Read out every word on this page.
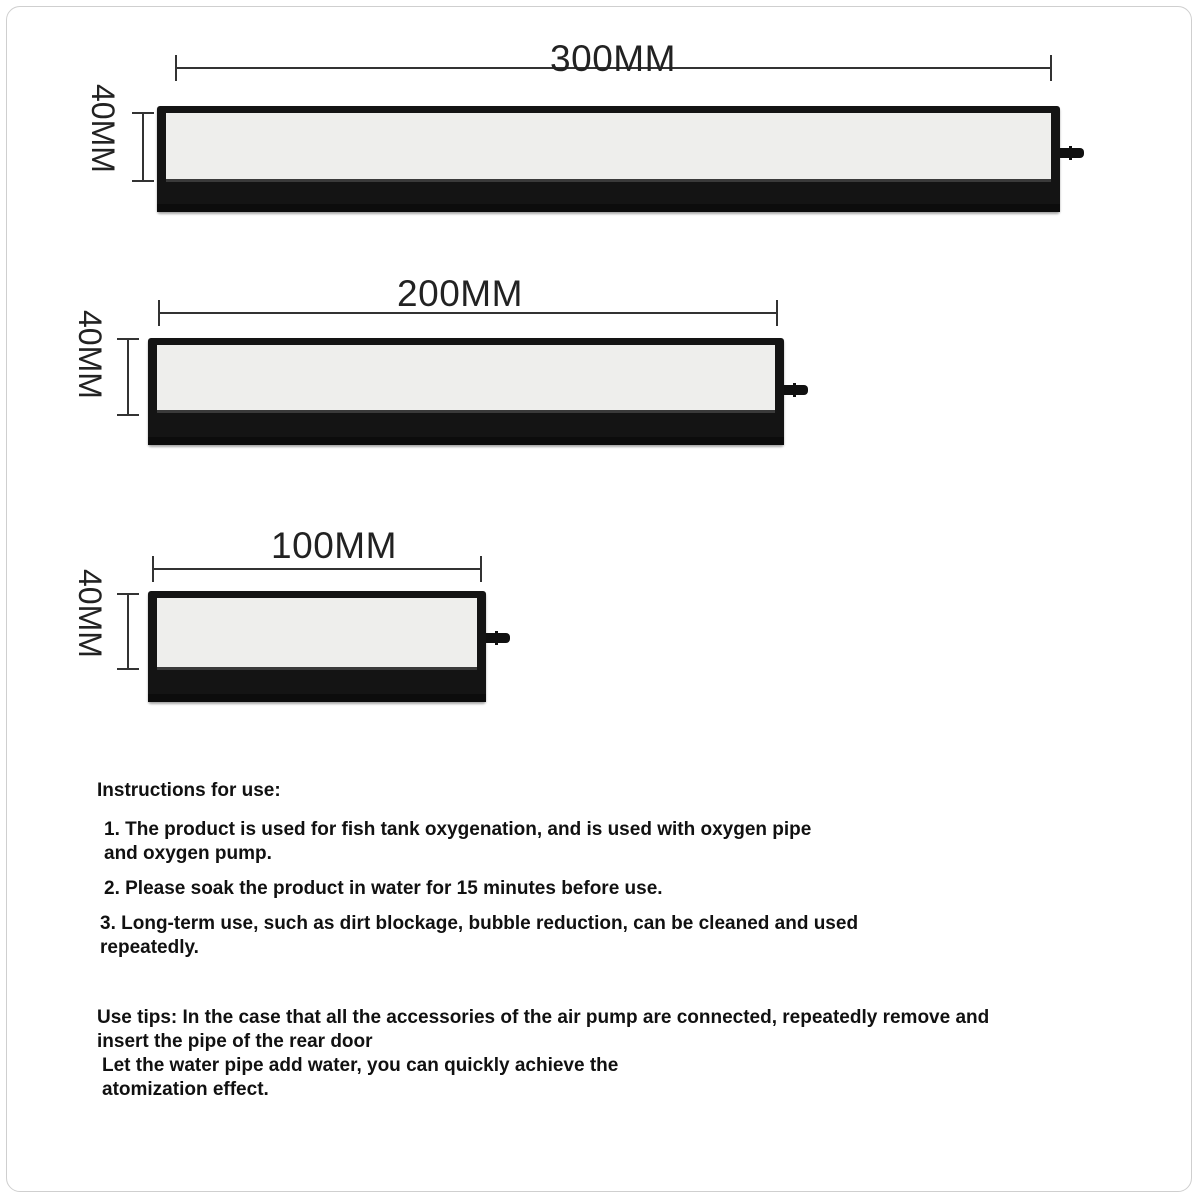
300MM
40MM
200MM
40MM
100MM
40MM
Instructions for use:
1. The product is used for fish tank oxygenation, and is used with oxygen pipe and oxygen pump.
2. Please soak the product in water for 15 minutes before use.
3. Long-term use, such as dirt blockage, bubble reduction, can be cleaned and used repeatedly.
Use tips: In the case that all the accessories of the air pump are connected, repeatedly remove and
insert the pipe of the rear door
Let the water pipe add water, you can quickly achieve the
atomization effect.
